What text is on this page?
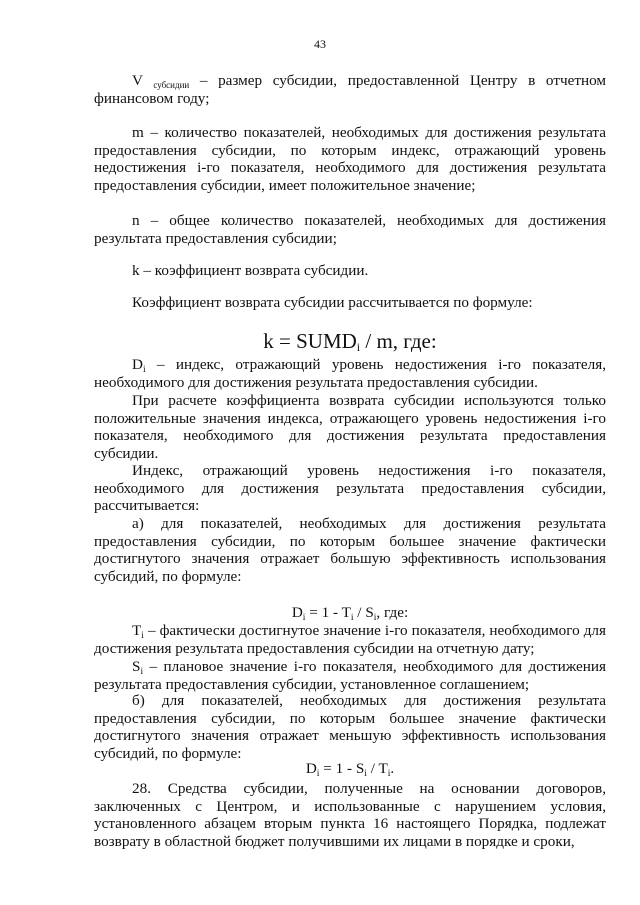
43

V $_{субсидии}$ – размер субсидии, предоставленной Центру в отчетном финансовом году;

m – количество показателей, необходимых для достижения результата предоставления субсидии, по которым индекс, отражающий уровень недостижения i-го показателя, необходимого для достижения результата предоставления субсидии, имеет положительное значение;

n – общее количество показателей, необходимых для достижения результата предоставления субсидии;

k – коэффициент возврата субсидии.

Коэффициент возврата субсидии рассчитывается по формуле:

$k = SUMD_i / m$, где:

$D_i$ – индекс, отражающий уровень недостижения i-го показателя, необходимого для достижения результата предоставления субсидии.

При расчете коэффициента возврата субсидии используются только положительные значения индекса, отражающего уровень недостижения i-го показателя, необходимого для достижения результата предоставления субсидии.

Индекс, отражающий уровень недостижения i-го показателя, необходимого для достижения результата предоставления субсидии, рассчитывается:

а) для показателей, необходимых для достижения результата предоставления субсидии, по которым большее значение фактически достигнутого значения отражает большую эффективность использования субсидий, по формуле:

$D_i = 1 - T_i / S_i$, где:

$T_i$ – фактически достигнутое значение i-го показателя, необходимого для достижения результата предоставления субсидии на отчетную дату;

$S_i$ – плановое значение i-го показателя, необходимого для достижения результата предоставления субсидии, установленное соглашением;

б) для показателей, необходимых для достижения результата предоставления субсидии, по которым большее значение фактически достигнутого значения отражает меньшую эффективность использования субсидий, по формуле:

$D_i = 1 - S_i / T_i$.

28. Средства субсидии, полученные на основании договоров, заключенных с Центром, и использованные с нарушением условия, установленного абзацем вторым пункта 16 настоящего Порядка, подлежат возврату в областной бюджет получившими их лицами в порядке и сроки,
